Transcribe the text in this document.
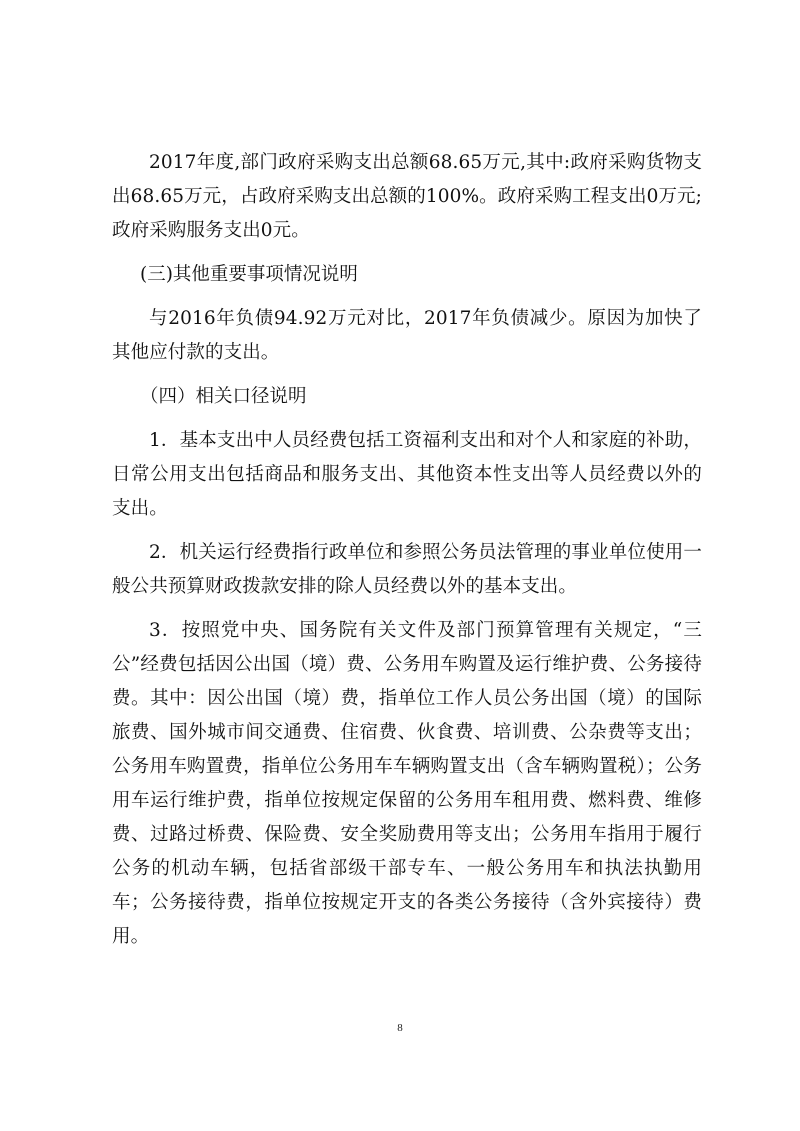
2017年度,部门政府采购支出总额68.65万元,其中:政府采购货物支出68.65万元，占政府采购支出总额的100%。政府采购工程支出0万元;政府采购服务支出0元。

(三)其他重要事项情况说明

与2016年负债94.92万元对比，2017年负债减少。原因为加快了其他应付款的支出。

（四）相关口径说明

1．基本支出中人员经费包括工资福利支出和对个人和家庭的补助，日常公用支出包括商品和服务支出、其他资本性支出等人员经费以外的支出。

2．机关运行经费指行政单位和参照公务员法管理的事业单位使用一般公共预算财政拨款安排的除人员经费以外的基本支出。

3．按照党中央、国务院有关文件及部门预算管理有关规定，“三公”经费包括因公出国（境）费、公务用车购置及运行维护费、公务接待费。其中：因公出国（境）费，指单位工作人员公务出国（境）的国际旅费、国外城市间交通费、住宿费、伙食费、培训费、公杂费等支出；公务用车购置费，指单位公务用车车辆购置支出（含车辆购置税）；公务用车运行维护费，指单位按规定保留的公务用车租用费、燃料费、维修费、过路过桥费、保险费、安全奖励费用等支出；公务用车指用于履行公务的机动车辆，包括省部级干部专车、一般公务用车和执法执勤用车；公务接待费，指单位按规定开支的各类公务接待（含外宾接待）费用。

8
